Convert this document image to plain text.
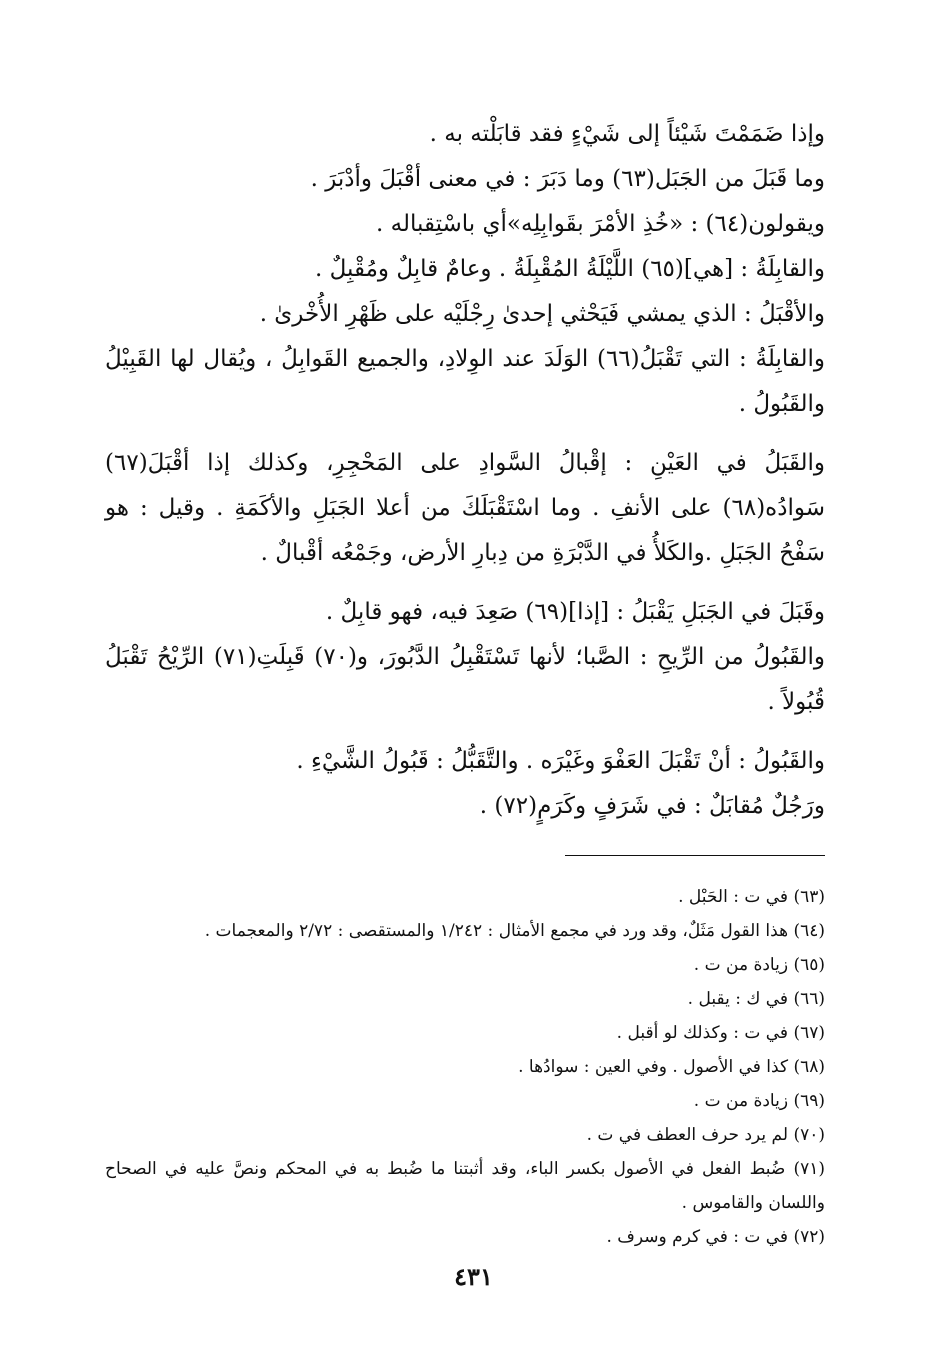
وإذا ضَمَمْتَ شَيْئاً إلى شَيْءٍ فقد قابَلْته به .

وما قَبَلَ من الجَبَل(٦٣) وما دَبَرَ : في معنى أقْبَلَ وأدْبَرَ .

ويقولون(٦٤) : «خُذِ الأمْرَ بقَوابِلِه»أي باسْتِقباله .

والقابِلَةُ : [هي](٦٥) اللَّيْلَةُ المُقْبِلَةُ . وعامٌ قابِلٌ ومُقْبِلٌ .

والأقْبَلُ : الذي يمشي فَيَحْثي إحدىٰ رِجْلَيْه على ظَهْرِ الأُخْرىٰ .

والقابِلَةُ : التي تَقْبَلُ(٦٦) الوَلَدَ عند الوِلادِ، والجميع القَوابِلُ ، ويُقال لها القَبِيْلُ والقَبُولُ .

والقَبَلُ في العَيْنِ : إقْبالُ السَّوادِ على المَحْجِرِ، وكذلك إذا أقْبَلَ(٦٧) سَوادُه(٦٨) على الأنفِ . وما اسْتَقْبَلَكَ من أعلا الجَبَلِ والأكَمَةِ . وقيل : هو سَفْحُ الجَبَلِ .والكَلأُ في الدَّبْرَةِ من دِبارِ الأرض، وجَمْعُه أقْبالٌ .

وقَبَلَ في الجَبَلِ يَقْبَلُ : [إذا](٦٩) صَعِدَ فيه، فهو قابِلٌ .

والقَبُولُ من الرِّيحِ : الصَّبا؛ لأنها تَسْتَقْبِلُ الدَّبُورَ، و(٧٠) قَبِلَتِ(٧١) الرِّيْحُ تَقْبَلُ قُبُولاً .

والقَبُولُ : أنْ تَقْبَلَ العَفْوَ وغَيْرَه . والتَّقَبُّلُ : قَبُولُ الشَّيْءِ .

ورَجُلٌ مُقابَلٌ : في شَرَفٍ وكَرَمٍ(٧٢) .

(٦٣) في ت : الحَبْل .

(٦٤) هذا القول مَثَلٌ، وقد ورد في مجمع الأمثال : ١/٢٤٢ والمستقصى : ٢/٧٢ والمعجمات .

(٦٥) زيادة من ت .

(٦٦) في ك : يقبل .

(٦٧) في ت : وكذلك لو أقبل .

(٦٨) كذا في الأصول . وفي العين : سوادُها .

(٦٩) زيادة من ت .

(٧٠) لم يرد حرف العطف في ت .

(٧١) ضُبط الفعل في الأصول بكسر الباء، وقد أثبتنا ما ضُبط به في المحكم ونصَّ عليه في الصحاح واللسان والقاموس .

(٧٢) في ت : في كرم وسرف .

٤٣١
